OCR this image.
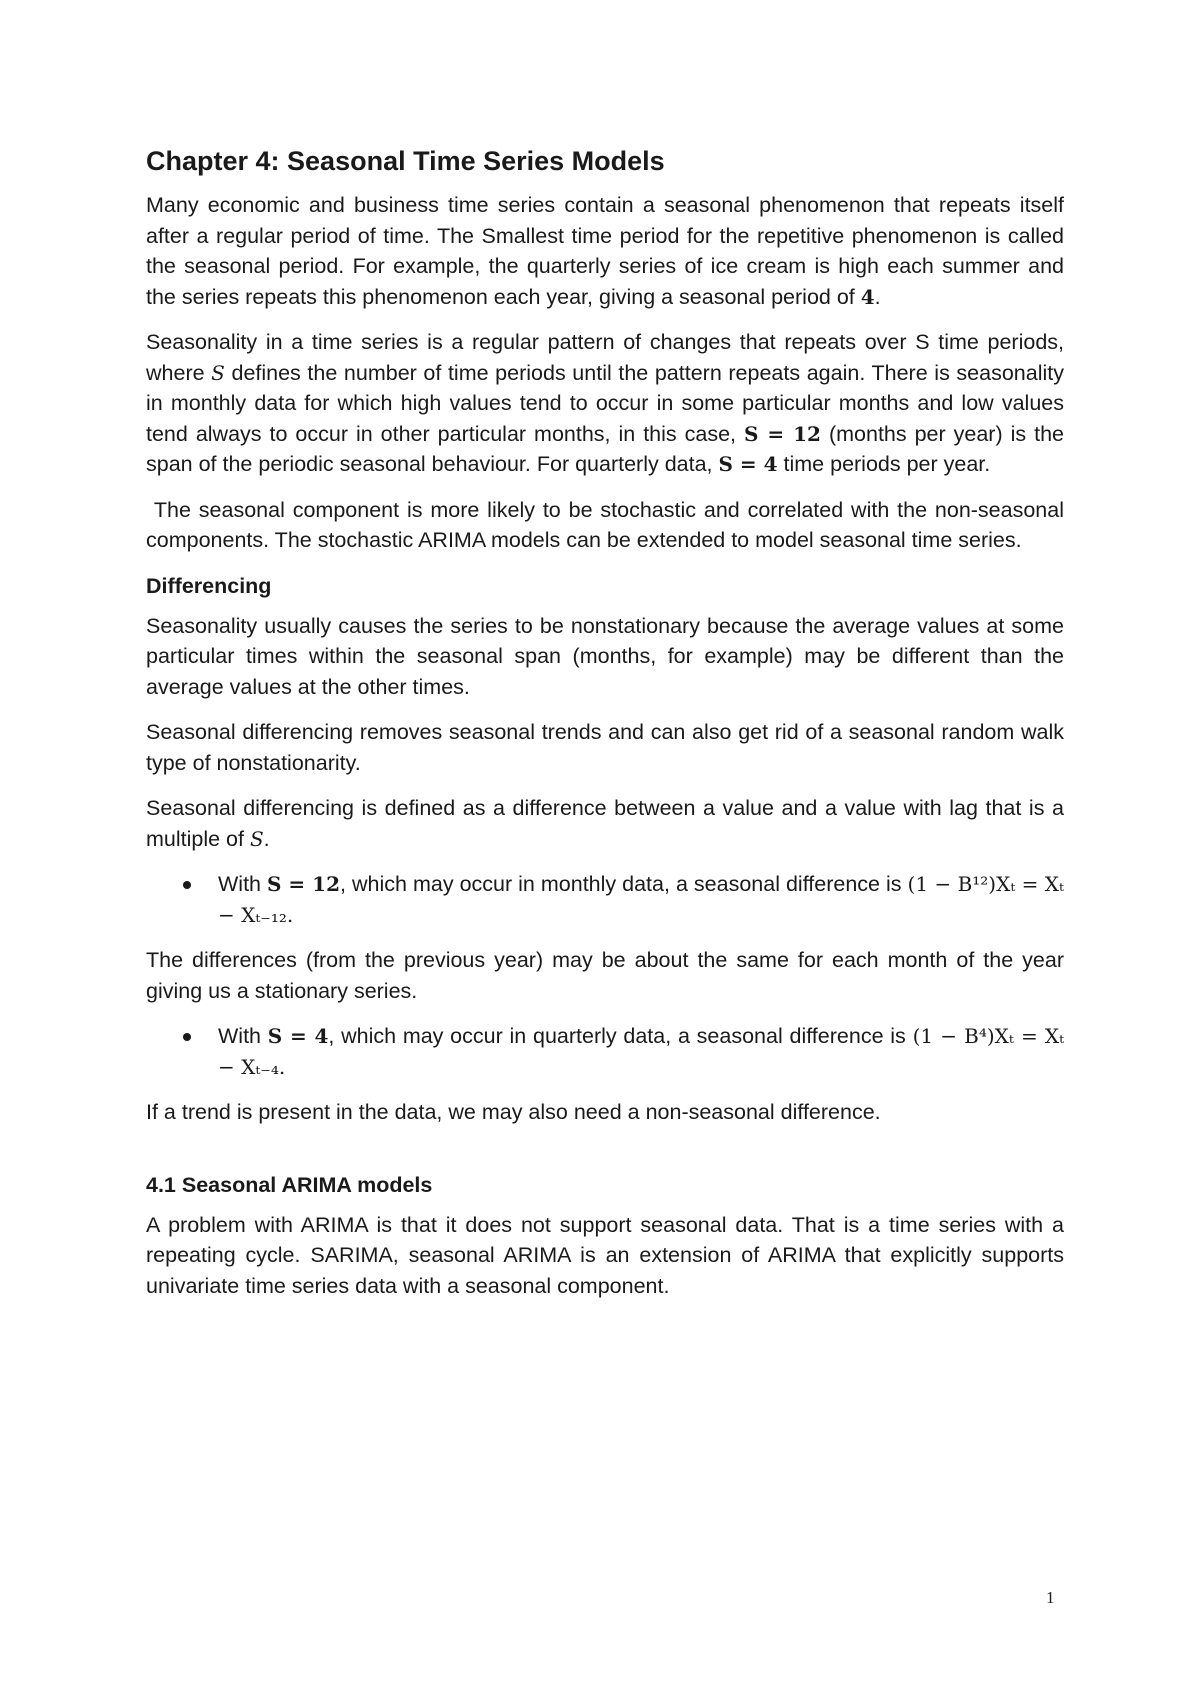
Chapter 4: Seasonal Time Series Models

Many economic and business time series contain a seasonal phenomenon that repeats itself after a regular period of time. The Smallest time period for the repetitive phenomenon is called the seasonal period. For example, the quarterly series of ice cream is high each summer and the series repeats this phenomenon each year, giving a seasonal period of 4.

Seasonality in a time series is a regular pattern of changes that repeats over S time periods, where S defines the number of time periods until the pattern repeats again. There is seasonality in monthly data for which high values tend to occur in some particular months and low values tend always to occur in other particular months, in this case, S = 12 (months per year) is the span of the periodic seasonal behaviour. For quarterly data, S = 4 time periods per year.

The seasonal component is more likely to be stochastic and correlated with the non-seasonal components. The stochastic ARIMA models can be extended to model seasonal time series.

Differencing

Seasonality usually causes the series to be nonstationary because the average values at some particular times within the seasonal span (months, for example) may be different than the average values at the other times.

Seasonal differencing removes seasonal trends and can also get rid of a seasonal random walk type of nonstationarity.

Seasonal differencing is defined as a difference between a value and a value with lag that is a multiple of S.

With S = 12, which may occur in monthly data, a seasonal difference is (1 − B¹²)Xₜ = Xₜ − Xₜ₋₁₂.

The differences (from the previous year) may be about the same for each month of the year giving us a stationary series.

With S = 4, which may occur in quarterly data, a seasonal difference is (1 − B⁴)Xₜ = Xₜ − Xₜ₋₄.

If a trend is present in the data, we may also need a non-seasonal difference.

4.1 Seasonal ARIMA models

A problem with ARIMA is that it does not support seasonal data. That is a time series with a repeating cycle. SARIMA, seasonal ARIMA is an extension of ARIMA that explicitly supports univariate time series data with a seasonal component.

1
